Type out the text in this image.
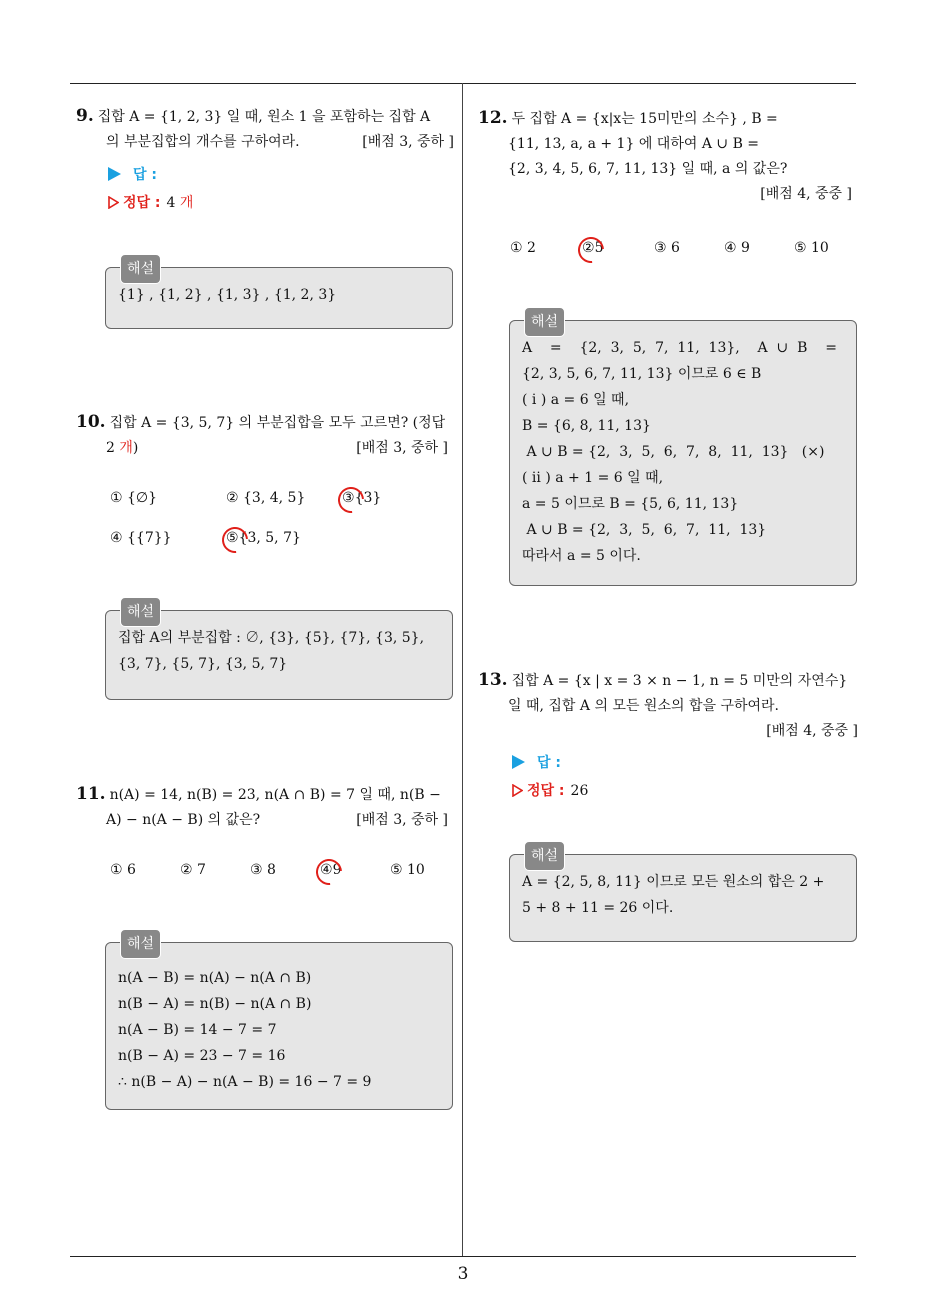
3
9. 집합 A = {1, 2, 3} 일 때, 원소 1 을 포함하는 집합 A
의 부분집합의 개수를 구하여라.	[배점 3, 중하 ]
답 :
정답 : 4 개
해설
{1} , {1, 2} , {1, 3} , {1, 2, 3}
10. 집합 A = {3, 5, 7} 의 부분집합을 모두 고르면? (정답
2 개)	[배점 3, 중하 ]
① {∅}	② {3, 4, 5}	③
{3}
④ {{7}}	⑤
{3, 5, 7}
해설
집합 A의 부분집합 : ∅, {3}, {5}, {7}, {3, 5},
{3, 7}, {5, 7}, {3, 5, 7}
11. n(A) = 14, n(B) = 23, n(A ∩ B) = 7 일 때, n(B −
A) − n(A − B) 의 값은?	[배점 3, 중하 ]
① 6	② 7	③ 8	④
9	⑤ 10
해설
n(A − B) = n(A) − n(A ∩ B)
n(B − A) = n(B) − n(A ∩ B)
n(A − B) = 14 − 7 = 7
n(B − A) = 23 − 7 = 16
∴ n(B − A) − n(A − B) = 16 − 7 = 9
12. 두 집합 A = {x|x는 15미만의 소수} , B =
{11, 13, a, a + 1} 에 대하여 A ∪ B =
{2, 3, 4, 5, 6, 7, 11, 13} 일 때, a 의 값은?
[배점 4, 중중 ]
① 2	②
5	③ 6	④ 9	⑤ 10
해설
A    =    {2,  3,  5,  7,  11,  13},    A  ∪  B    =
{2, 3, 5, 6, 7, 11, 13} 이므로 6 ∈ B
( i ) a = 6 일 때,
B = {6, 8, 11, 13}
A ∪ B = {2,  3,  5,  6,  7,  8,  11,  13}   (×)
( ii ) a + 1 = 6 일 때,
a = 5 이므로 B = {5, 6, 11, 13}
A ∪ B = {2,  3,  5,  6,  7,  11,  13}
따라서 a = 5 이다.
13. 집합 A = {x | x = 3 × n − 1, n = 5 미만의 자연수}
일 때, 집합 A 의 모든 원소의 합을 구하여라.
[배점 4, 중중 ]
답 :
정답 : 26
해설
A = {2, 5, 8, 11} 이므로 모든 원소의 합은 2 +
5 + 8 + 11 = 26 이다.
